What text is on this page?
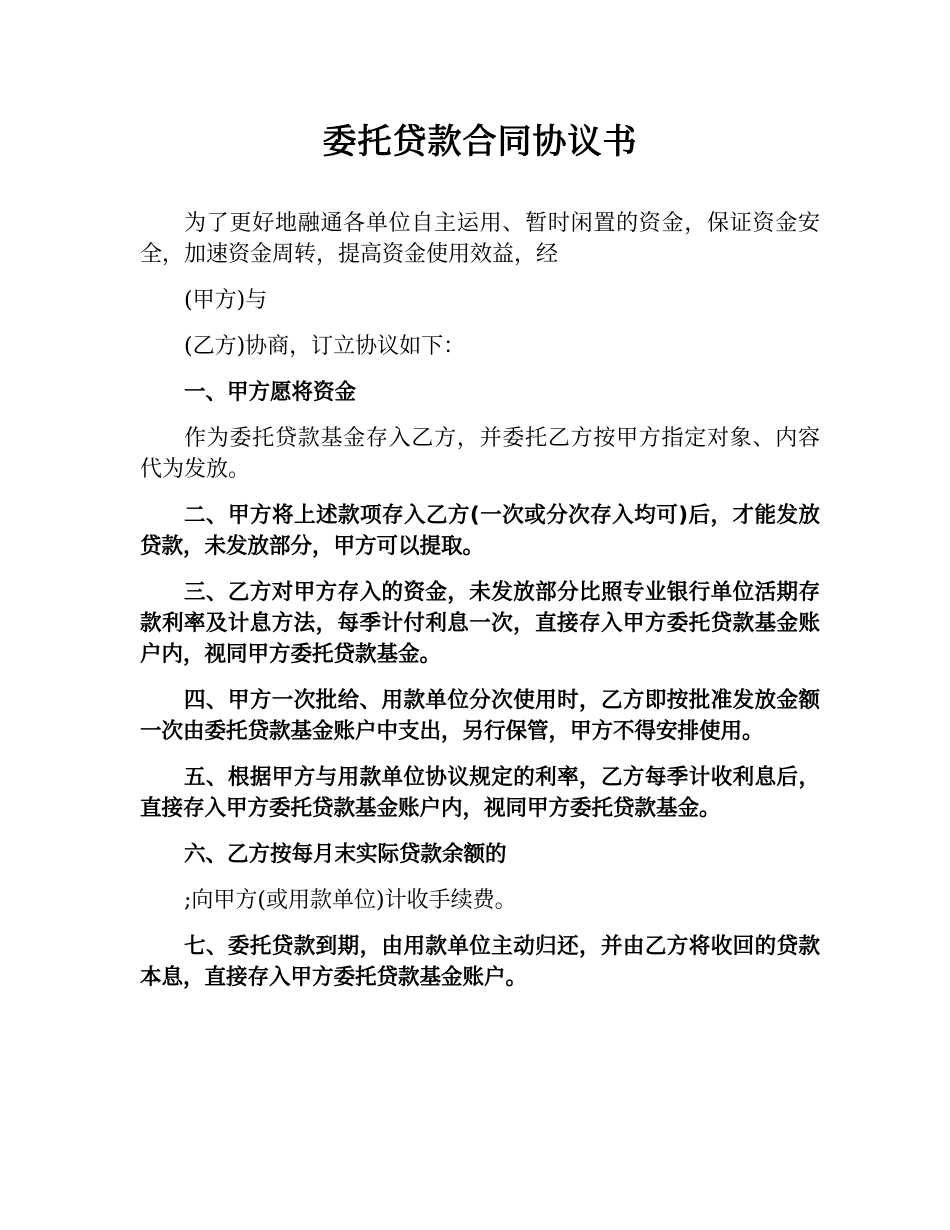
委托贷款合同协议书

为了更好地融通各单位自主运用、暂时闲置的资金，保证资金安全，加速资金周转，提高资金使用效益，经

(甲方)与

(乙方)协商，订立协议如下：

一、甲方愿将资金

作为委托贷款基金存入乙方，并委托乙方按甲方指定对象、内容代为发放。

二、甲方将上述款项存入乙方(一次或分次存入均可)后，才能发放贷款，未发放部分，甲方可以提取。

三、乙方对甲方存入的资金，未发放部分比照专业银行单位活期存款利率及计息方法，每季计付利息一次，直接存入甲方委托贷款基金账户内，视同甲方委托贷款基金。

四、甲方一次批给、用款单位分次使用时，乙方即按批准发放金额一次由委托贷款基金账户中支出，另行保管，甲方不得安排使用。

五、根据甲方与用款单位协议规定的利率，乙方每季计收利息后，直接存入甲方委托贷款基金账户内，视同甲方委托贷款基金。

六、乙方按每月末实际贷款余额的

;向甲方(或用款单位)计收手续费。

七、委托贷款到期，由用款单位主动归还，并由乙方将收回的贷款本息，直接存入甲方委托贷款基金账户。
